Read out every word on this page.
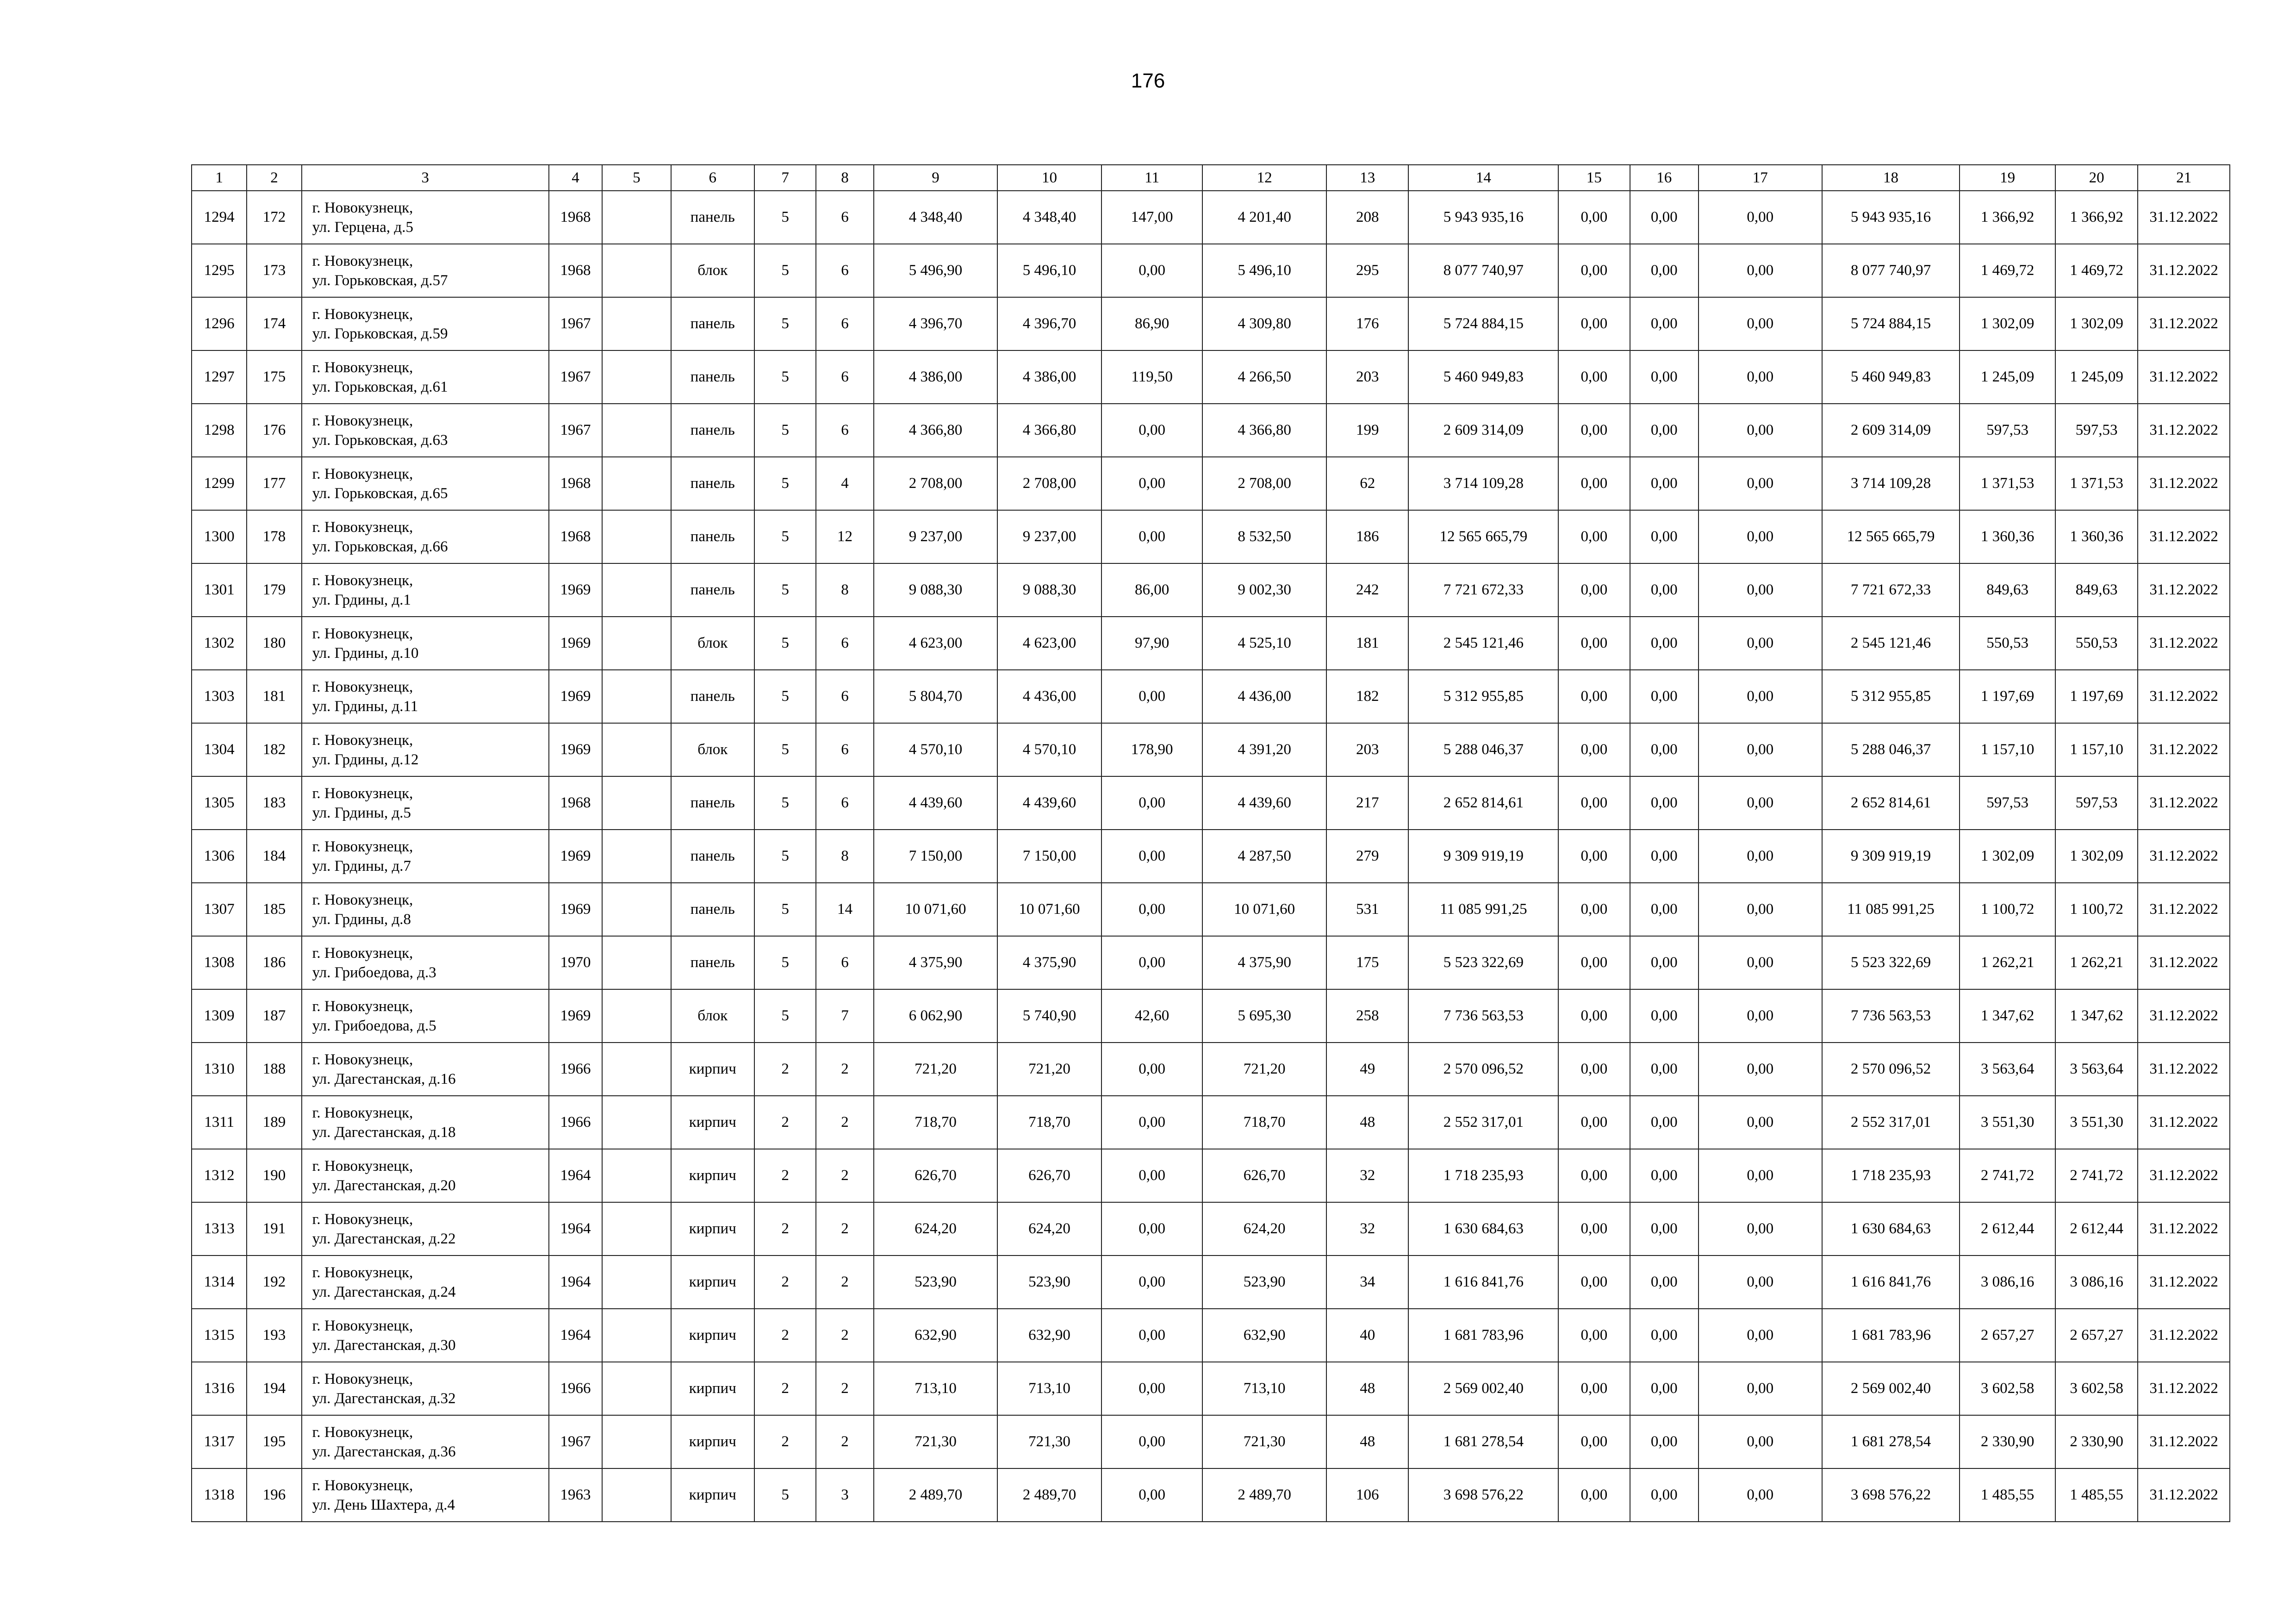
176
1	2	3	4	5	6	7	8	9	10	11	12	13	14	15	16	17	18	19	20	21
1294	172	г. Новокузнецк,
ул. Герцена, д.5	1968		панель	5	6	4 348,40	4 348,40	147,00	4 201,40	208	5 943 935,16	0,00	0,00	0,00	5 943 935,16	1 366,92	1 366,92	31.12.2022
1295	173	г. Новокузнецк,
ул. Горьковская, д.57	1968		блок	5	6	5 496,90	5 496,10	0,00	5 496,10	295	8 077 740,97	0,00	0,00	0,00	8 077 740,97	1 469,72	1 469,72	31.12.2022
1296	174	г. Новокузнецк,
ул. Горьковская, д.59	1967		панель	5	6	4 396,70	4 396,70	86,90	4 309,80	176	5 724 884,15	0,00	0,00	0,00	5 724 884,15	1 302,09	1 302,09	31.12.2022
1297	175	г. Новокузнецк,
ул. Горьковская, д.61	1967		панель	5	6	4 386,00	4 386,00	119,50	4 266,50	203	5 460 949,83	0,00	0,00	0,00	5 460 949,83	1 245,09	1 245,09	31.12.2022
1298	176	г. Новокузнецк,
ул. Горьковская, д.63	1967		панель	5	6	4 366,80	4 366,80	0,00	4 366,80	199	2 609 314,09	0,00	0,00	0,00	2 609 314,09	597,53	597,53	31.12.2022
1299	177	г. Новокузнецк,
ул. Горьковская, д.65	1968		панель	5	4	2 708,00	2 708,00	0,00	2 708,00	62	3 714 109,28	0,00	0,00	0,00	3 714 109,28	1 371,53	1 371,53	31.12.2022
1300	178	г. Новокузнецк,
ул. Горьковская, д.66	1968		панель	5	12	9 237,00	9 237,00	0,00	8 532,50	186	12 565 665,79	0,00	0,00	0,00	12 565 665,79	1 360,36	1 360,36	31.12.2022
1301	179	г. Новокузнецк,
ул. Грдины, д.1	1969		панель	5	8	9 088,30	9 088,30	86,00	9 002,30	242	7 721 672,33	0,00	0,00	0,00	7 721 672,33	849,63	849,63	31.12.2022
1302	180	г. Новокузнецк,
ул. Грдины, д.10	1969		блок	5	6	4 623,00	4 623,00	97,90	4 525,10	181	2 545 121,46	0,00	0,00	0,00	2 545 121,46	550,53	550,53	31.12.2022
1303	181	г. Новокузнецк,
ул. Грдины, д.11	1969		панель	5	6	5 804,70	4 436,00	0,00	4 436,00	182	5 312 955,85	0,00	0,00	0,00	5 312 955,85	1 197,69	1 197,69	31.12.2022
1304	182	г. Новокузнецк,
ул. Грдины, д.12	1969		блок	5	6	4 570,10	4 570,10	178,90	4 391,20	203	5 288 046,37	0,00	0,00	0,00	5 288 046,37	1 157,10	1 157,10	31.12.2022
1305	183	г. Новокузнецк,
ул. Грдины, д.5	1968		панель	5	6	4 439,60	4 439,60	0,00	4 439,60	217	2 652 814,61	0,00	0,00	0,00	2 652 814,61	597,53	597,53	31.12.2022
1306	184	г. Новокузнецк,
ул. Грдины, д.7	1969		панель	5	8	7 150,00	7 150,00	0,00	4 287,50	279	9 309 919,19	0,00	0,00	0,00	9 309 919,19	1 302,09	1 302,09	31.12.2022
1307	185	г. Новокузнецк,
ул. Грдины, д.8	1969		панель	5	14	10 071,60	10 071,60	0,00	10 071,60	531	11 085 991,25	0,00	0,00	0,00	11 085 991,25	1 100,72	1 100,72	31.12.2022
1308	186	г. Новокузнецк,
ул. Грибоедова, д.3	1970		панель	5	6	4 375,90	4 375,90	0,00	4 375,90	175	5 523 322,69	0,00	0,00	0,00	5 523 322,69	1 262,21	1 262,21	31.12.2022
1309	187	г. Новокузнецк,
ул. Грибоедова, д.5	1969		блок	5	7	6 062,90	5 740,90	42,60	5 695,30	258	7 736 563,53	0,00	0,00	0,00	7 736 563,53	1 347,62	1 347,62	31.12.2022
1310	188	г. Новокузнецк,
ул. Дагестанская, д.16	1966		кирпич	2	2	721,20	721,20	0,00	721,20	49	2 570 096,52	0,00	0,00	0,00	2 570 096,52	3 563,64	3 563,64	31.12.2022
1311	189	г. Новокузнецк,
ул. Дагестанская, д.18	1966		кирпич	2	2	718,70	718,70	0,00	718,70	48	2 552 317,01	0,00	0,00	0,00	2 552 317,01	3 551,30	3 551,30	31.12.2022
1312	190	г. Новокузнецк,
ул. Дагестанская, д.20	1964		кирпич	2	2	626,70	626,70	0,00	626,70	32	1 718 235,93	0,00	0,00	0,00	1 718 235,93	2 741,72	2 741,72	31.12.2022
1313	191	г. Новокузнецк,
ул. Дагестанская, д.22	1964		кирпич	2	2	624,20	624,20	0,00	624,20	32	1 630 684,63	0,00	0,00	0,00	1 630 684,63	2 612,44	2 612,44	31.12.2022
1314	192	г. Новокузнецк,
ул. Дагестанская, д.24	1964		кирпич	2	2	523,90	523,90	0,00	523,90	34	1 616 841,76	0,00	0,00	0,00	1 616 841,76	3 086,16	3 086,16	31.12.2022
1315	193	г. Новокузнецк,
ул. Дагестанская, д.30	1964		кирпич	2	2	632,90	632,90	0,00	632,90	40	1 681 783,96	0,00	0,00	0,00	1 681 783,96	2 657,27	2 657,27	31.12.2022
1316	194	г. Новокузнецк,
ул. Дагестанская, д.32	1966		кирпич	2	2	713,10	713,10	0,00	713,10	48	2 569 002,40	0,00	0,00	0,00	2 569 002,40	3 602,58	3 602,58	31.12.2022
1317	195	г. Новокузнецк,
ул. Дагестанская, д.36	1967		кирпич	2	2	721,30	721,30	0,00	721,30	48	1 681 278,54	0,00	0,00	0,00	1 681 278,54	2 330,90	2 330,90	31.12.2022
1318	196	г. Новокузнецк,
ул. День Шахтера, д.4	1963		кирпич	5	3	2 489,70	2 489,70	0,00	2 489,70	106	3 698 576,22	0,00	0,00	0,00	3 698 576,22	1 485,55	1 485,55	31.12.2022
